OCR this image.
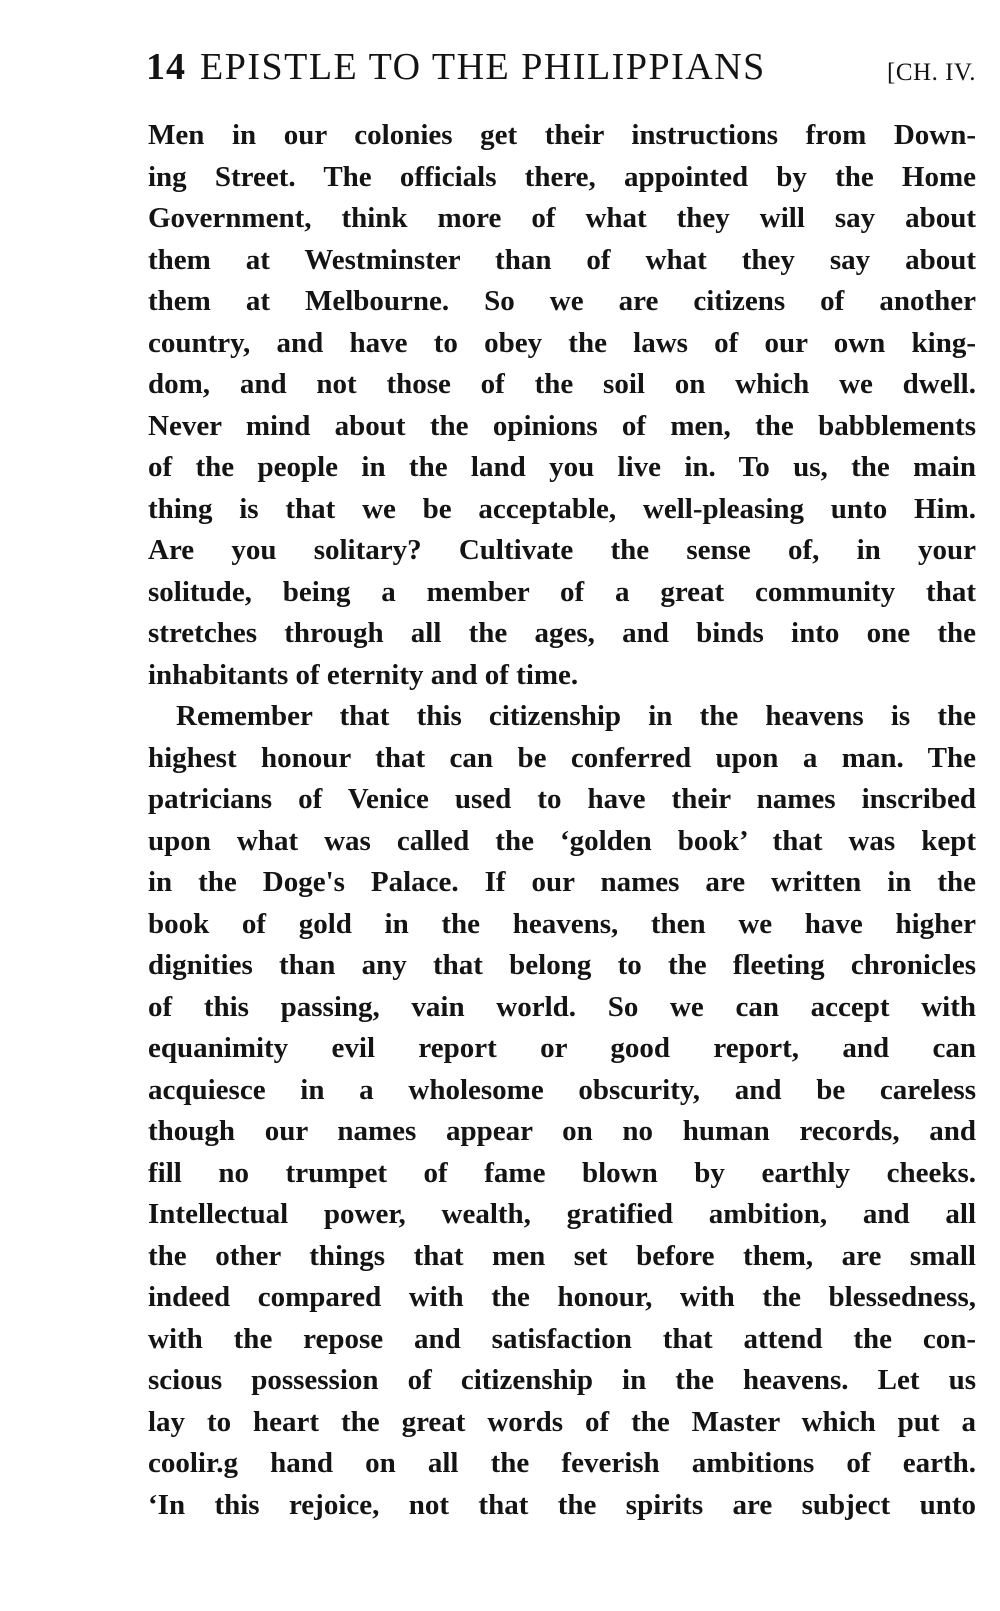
14 EPISTLE TO THE PHILIPPIANS	[CH. IV.
Men in our colonies get their instructions from Down-
ing Street. The officials there, appointed by the Home
Government, think more of what they will say about
them at Westminster than of what they say about
them at Melbourne. So we are citizens of another
country, and have to obey the laws of our own king-
dom, and not those of the soil on which we dwell.
Never mind about the opinions of men, the babblements
of the people in the land you live in. To us, the main
thing is that we be acceptable, well-pleasing unto Him.
Are you solitary? Cultivate the sense of, in your
solitude, being a member of a great community that
stretches through all the ages, and binds into one the
inhabitants of eternity and of time.
Remember that this citizenship in the heavens is the
highest honour that can be conferred upon a man. The
patricians of Venice used to have their names inscribed
upon what was called the ‘golden book’ that was kept
in the Doge's Palace. If our names are written in the
book of gold in the heavens, then we have higher
dignities than any that belong to the fleeting chronicles
of this passing, vain world. So we can accept with
equanimity evil report or good report, and can
acquiesce in a wholesome obscurity, and be careless
though our names appear on no human records, and
fill no trumpet of fame blown by earthly cheeks.
Intellectual power, wealth, gratified ambition, and all
the other things that men set before them, are small
indeed compared with the honour, with the blessedness,
with the repose and satisfaction that attend the con-
scious possession of citizenship in the heavens. Let us
lay to heart the great words of the Master which put a
coolir.g hand on all the feverish ambitions of earth.
‘In this rejoice, not that the spirits are subject unto
